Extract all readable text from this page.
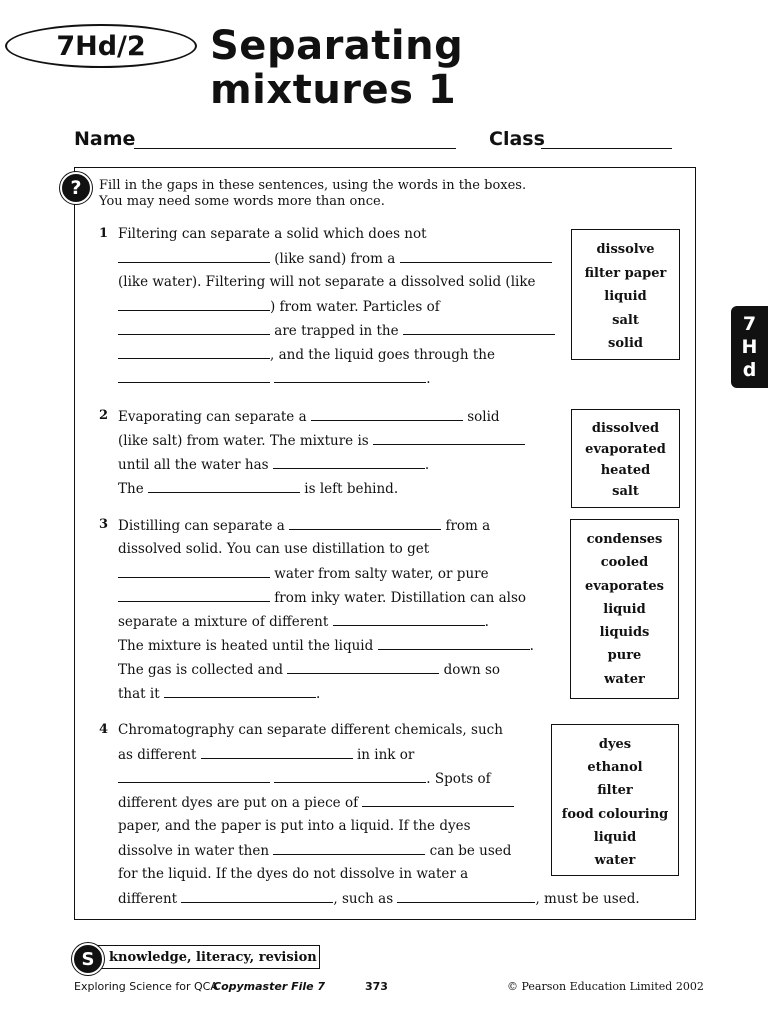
7Hd/2	Separating
mixtures 1
Name	Class
7
H
d
?	Fill in the gaps in these sentences, using the words in the boxes.
You may need some words more than once.
1 Filtering can separate a solid which does not
(like sand) from a
(like water). Filtering will not separate a dissolved solid (like
) from water. Particles of
are trapped in the
, and the liquid goes through the
.
dissolve
filter paper
liquid
salt
solid
2 Evaporating can separate a	solid
(like salt) from water. The mixture is
until all the water has	.
The	is left behind.
dissolved
evaporated
heated
salt
3 Distilling can separate a	from a
dissolved solid. You can use distillation to get
water from salty water, or pure
from inky water. Distillation can also
separate a mixture of different	.
The mixture is heated until the liquid	.
The gas is collected and	down so
that it	.
condenses
cooled
evaporates
liquid
liquids
pure
water
4 Chromatography can separate different chemicals, such
as different	in ink or
. Spots of
different dyes are put on a piece of
paper, and the paper is put into a liquid. If the dyes
dissolve in water then	can be used
for the liquid. If the dyes do not dissolve in water a
different	, such as	, must be used.
dyes
ethanol
filter
food colouring
liquid
water
knowledge, literacy, revision
S
Exploring Science for QCA
Copymaster File 7	373	© Pearson Education Limited 2002
